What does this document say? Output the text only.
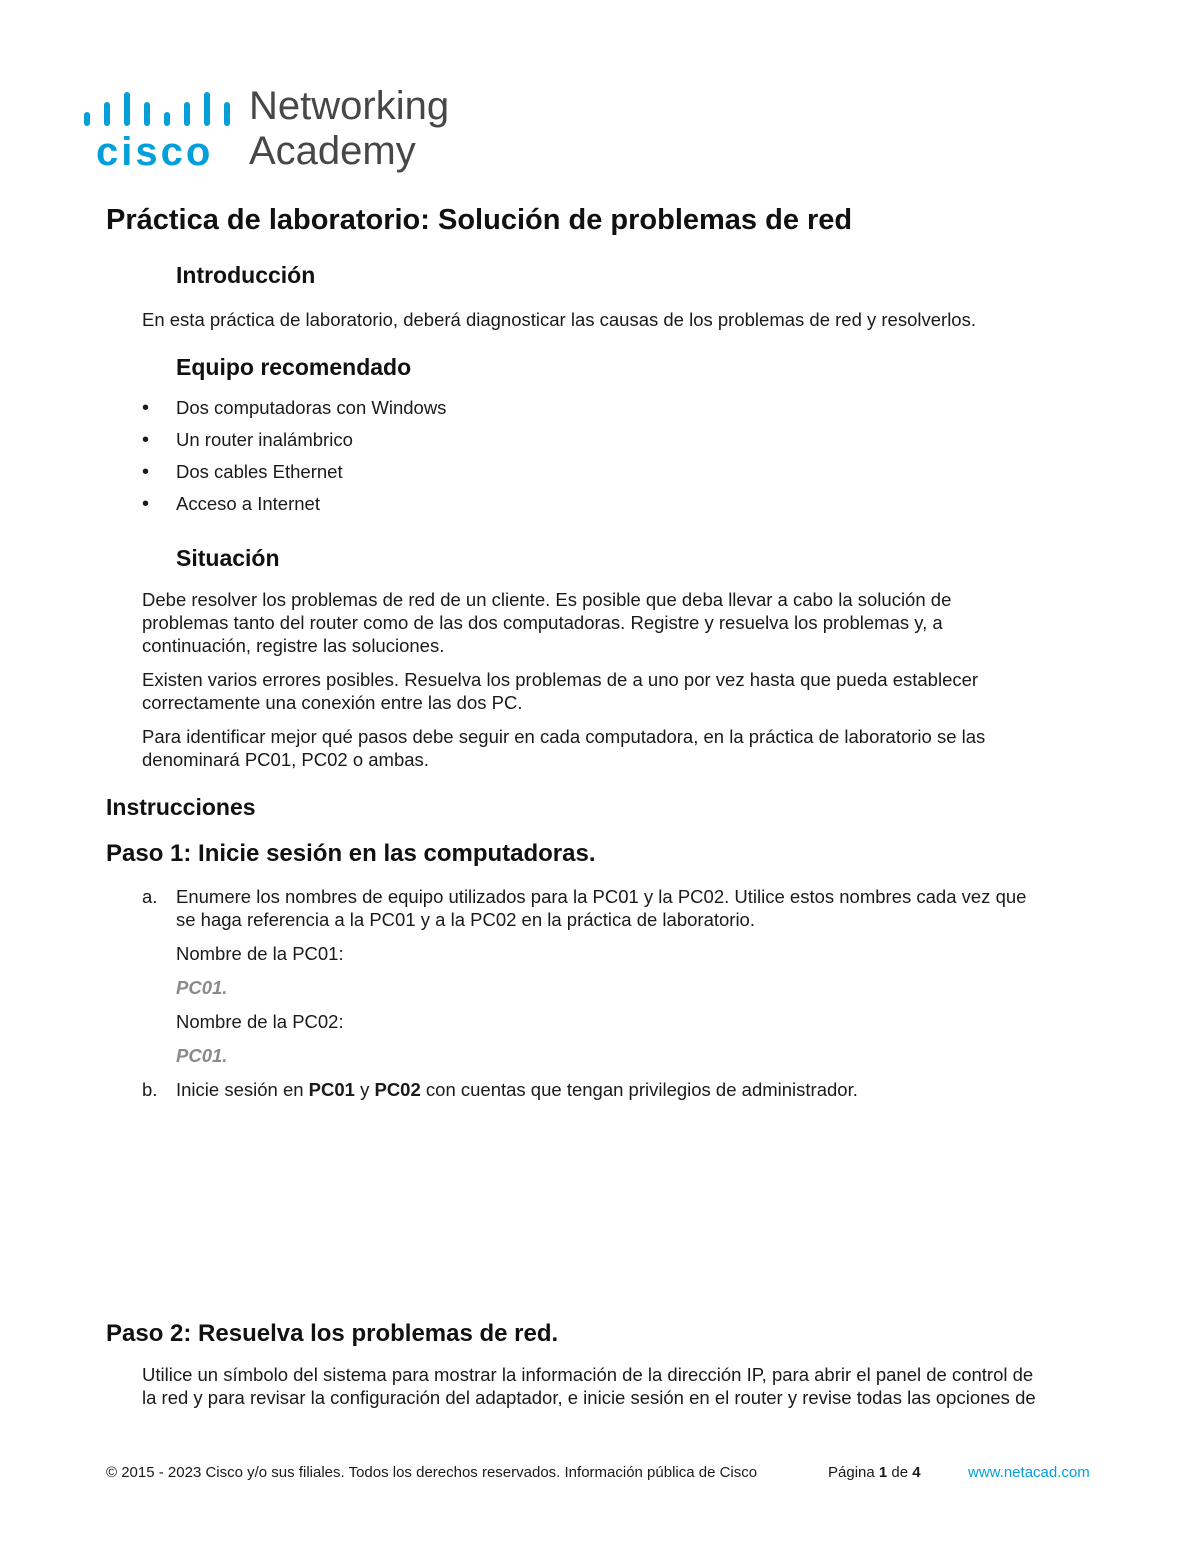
cisco
Networking
Academy
Práctica de laboratorio: Solución de problemas de red
Introducción
En esta práctica de laboratorio, deberá diagnosticar las causas de los problemas de red y resolverlos.
Equipo recomendado
• Dos computadoras con Windows
• Un router inalámbrico
• Dos cables Ethernet
• Acceso a Internet
Situación
Debe resolver los problemas de red de un cliente. Es posible que deba llevar a cabo la solución de
problemas tanto del router como de las dos computadoras. Registre y resuelva los problemas y, a
continuación, registre las soluciones.
Existen varios errores posibles. Resuelva los problemas de a uno por vez hasta que pueda establecer
correctamente una conexión entre las dos PC.
Para identificar mejor qué pasos debe seguir en cada computadora, en la práctica de laboratorio se las
denominará PC01, PC02 o ambas.
Instrucciones
Paso 1: Inicie sesión en las computadoras.
a. Enumere los nombres de equipo utilizados para la PC01 y la PC02. Utilice estos nombres cada vez que
se haga referencia a la PC01 y a la PC02 en la práctica de laboratorio.
Nombre de la PC01:
PC01.
Nombre de la PC02:
PC01.
b. Inicie sesión en PC01 y PC02 con cuentas que tengan privilegios de administrador.
Paso 2: Resuelva los problemas de red.
Utilice un símbolo del sistema para mostrar la información de la dirección IP, para abrir el panel de control de
la red y para revisar la configuración del adaptador, e inicie sesión en el router y revise todas las opciones de
© 2015 - 2023 Cisco y/o sus filiales. Todos los derechos reservados. Información pública de Cisco	Página 1 de 4	www.netacad.com
